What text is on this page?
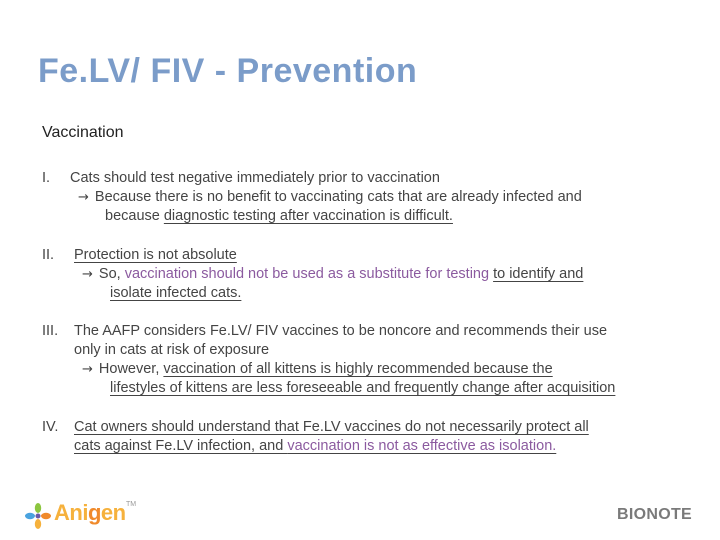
Fe.LV/ FIV - Prevention
Vaccination
I. Cats should test negative immediately prior to vaccination
→ Because there is no benefit to vaccinating cats that are already infected and
because diagnostic testing after vaccination is difficult.
II. Protection is not absolute
→ So, vaccination should not be used as a substitute for testing to identify and
isolate infected cats.
III. The AAFP considers Fe.LV/ FIV vaccines to be noncore and recommends their use
only in cats at risk of exposure
→ However, vaccination of all kittens is highly recommended because the
lifestyles of kittens are less foreseeable and frequently change after acquisition
IV. Cat owners should understand that Fe.LV vaccines do not necessarily protect all
cats against Fe.LV infection, and vaccination is not as effective as isolation.
Anigen TM
BIONOTE
